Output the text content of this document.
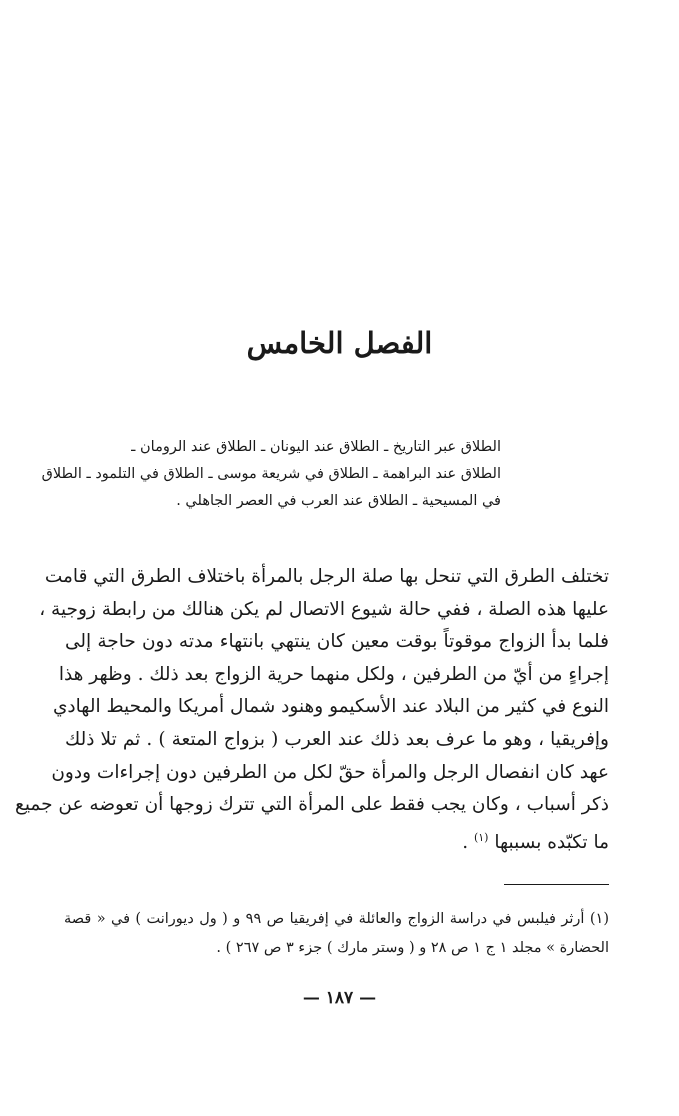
الفصل الخامس
الطلاق عبر التاريخ ـ الطلاق عند اليونان ـ الطلاق عند الرومان ـ
الطلاق عند البراهمة ـ الطلاق في شريعة موسى ـ الطلاق في التلمود ـ الطلاق
في المسيحية ـ الطلاق عند العرب في العصر الجاهلي .
تختلف الطرق التي تنحل بها صلة الرجل بالمرأة باختلاف الطرق التي قامت
عليها هذه الصلة ، ففي حالة شيوع الاتصال لم يكن هنالك من رابطة زوجية ،
فلما بدأ الزواج موقوتاً بوقت معين كان ينتهي بانتهاء مدته دون حاجة إلى
إجراءٍ من أيّ من الطرفين ، ولكل منهما حرية الزواج بعد ذلك . وظهر هذا
النوع في كثير من البلاد عند الأسكيمو وهنود شمال أمريكا والمحيط الهادي
وإفريقيا ، وهو ما عرف بعد ذلك عند العرب ( بزواج المتعة ) . ثم تلا ذلك
عهد كان انفصال الرجل والمرأة حقّ لكل من الطرفين دون إجراءات ودون
ذكر أسباب ، وكان يجب فقط على المرأة التي تترك زوجها أن تعوضه عن جميع
ما تكبّده بسببها $^{(١)}$ .
(١) أرثر فيلبس في دراسة الزواج والعائلة في إفريقيا ص ٩٩ و ( ول ديورانت ) في « قصة
الحضارة » مجلد ١ ج ١ ص ٢٨ و ( وستر مارك ) جزء ٣ ص ٢٦٧ ) .
— ١٨٧ —
